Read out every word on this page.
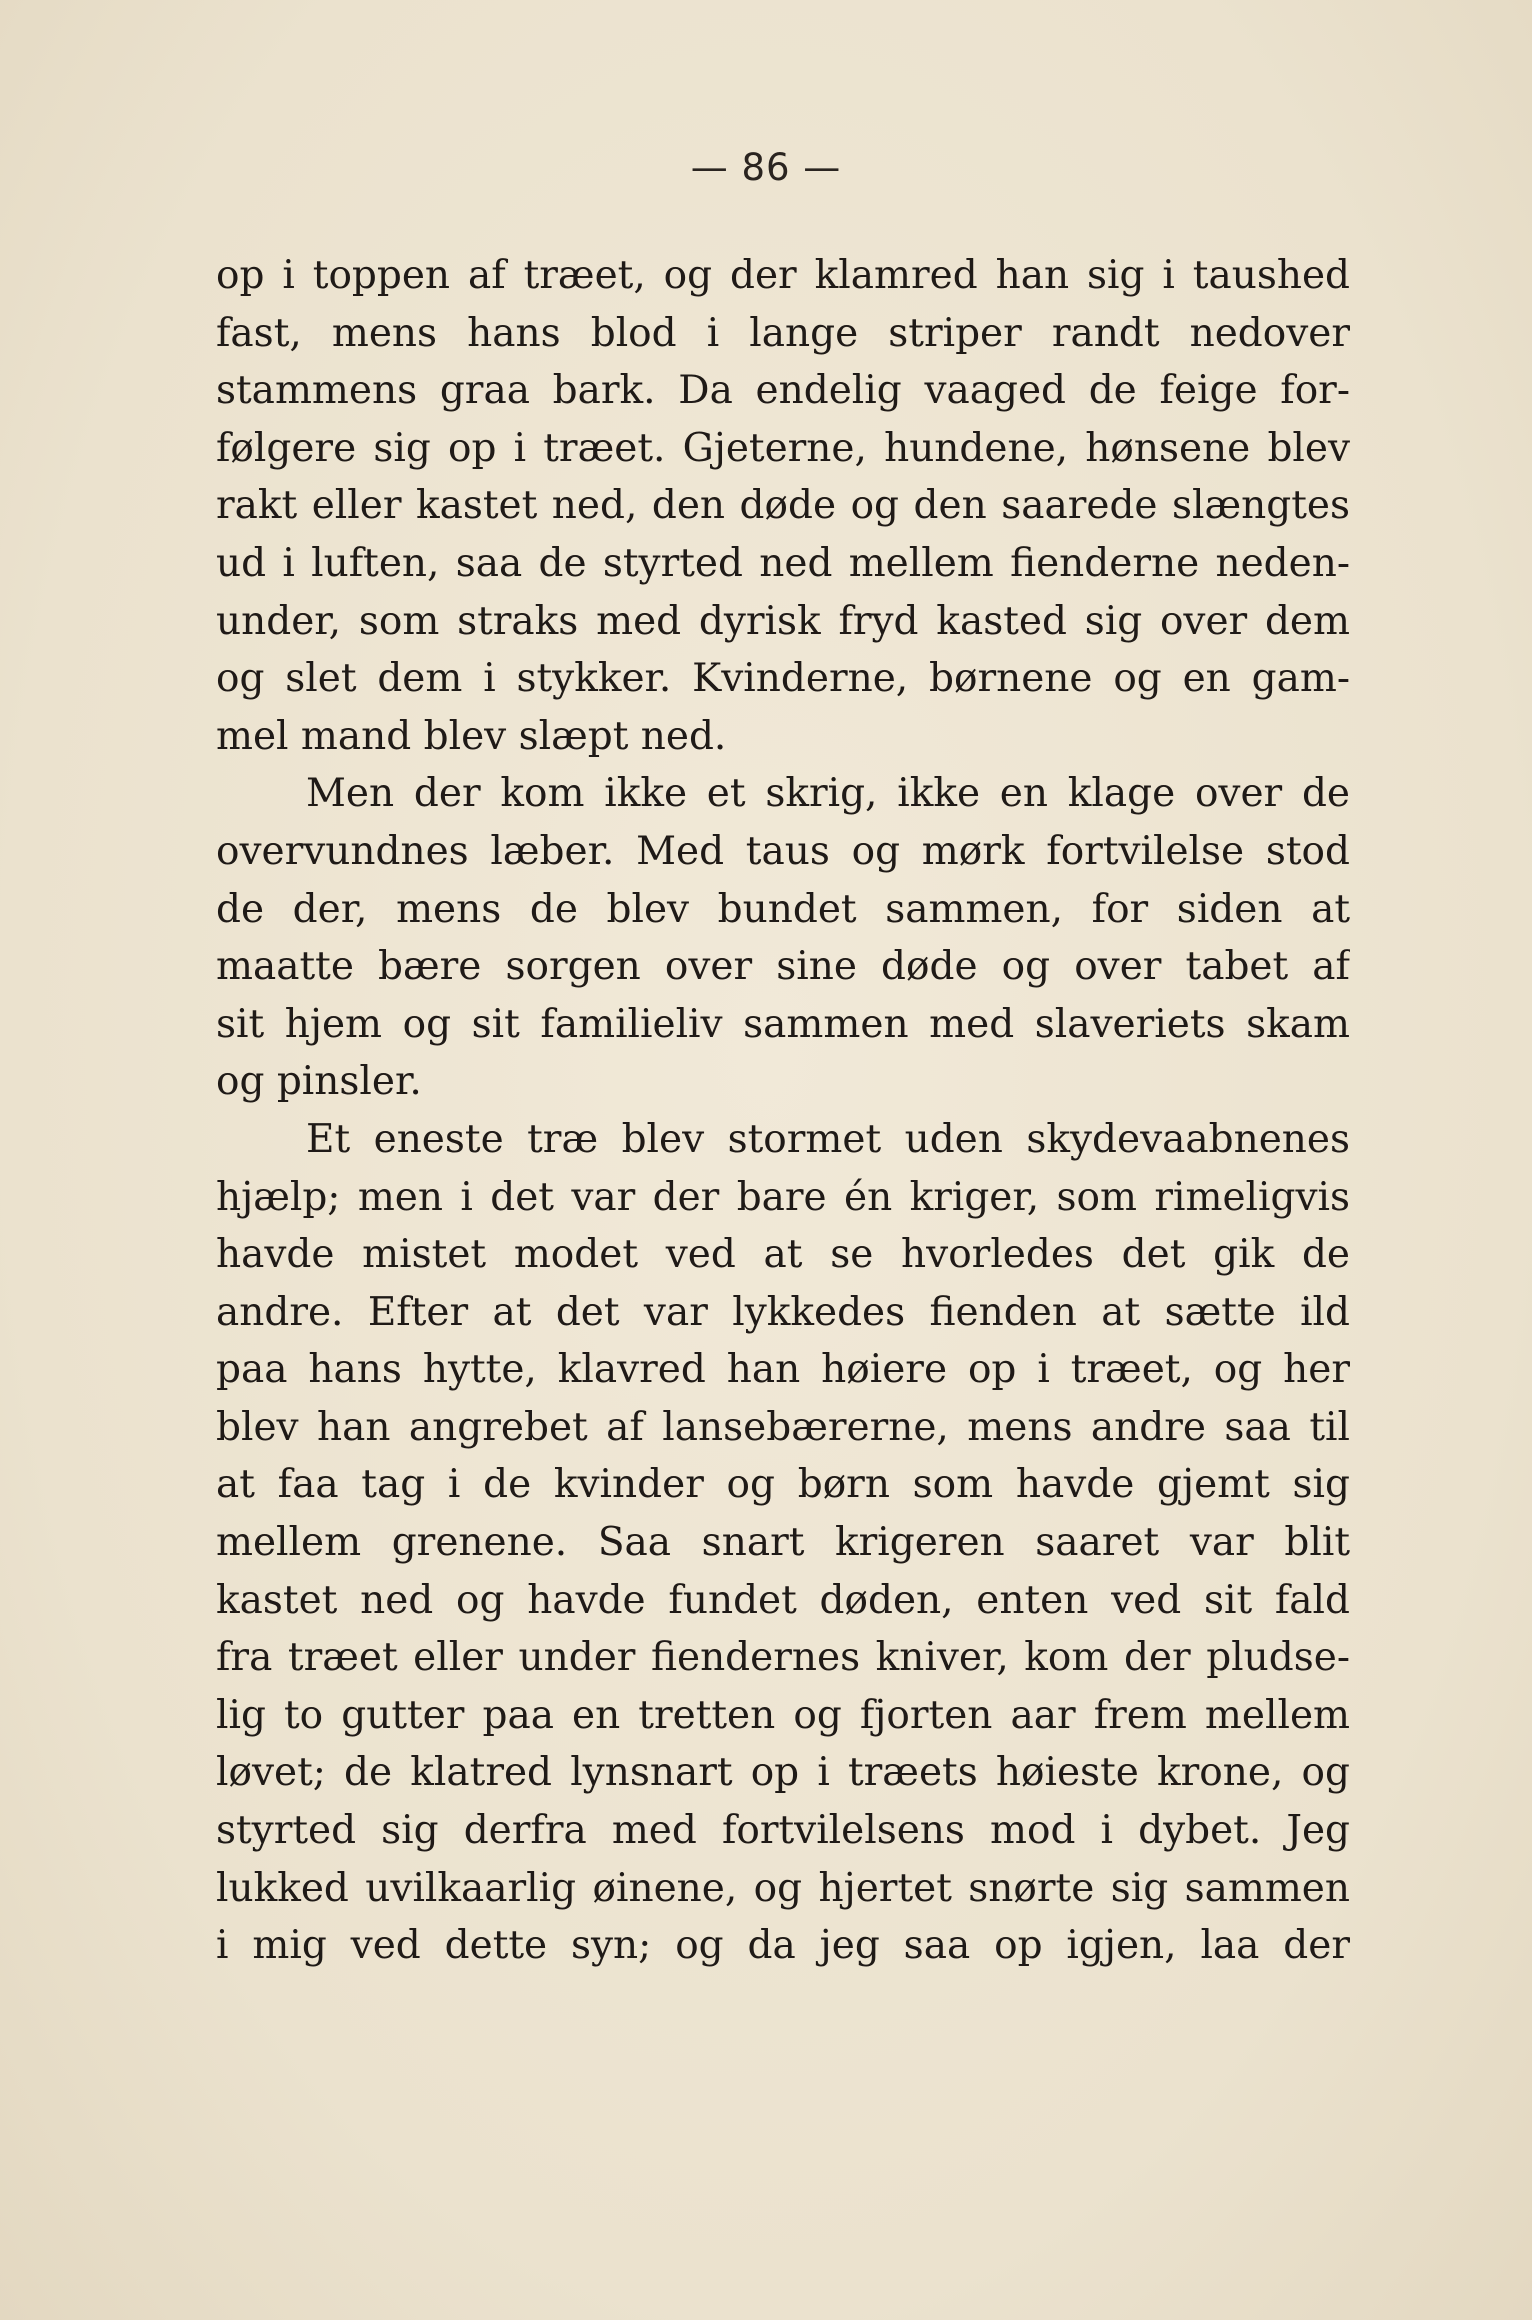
— 86 —
op i toppen af træet, og der klamred han sig i taushed
fast, mens hans blod i lange striper randt nedover
stammens graa bark. Da endelig vaaged de feige for-
følgere sig op i træet. Gjeterne, hundene, hønsene blev
rakt eller kastet ned, den døde og den saarede slængtes
ud i luften, saa de styrted ned mellem fienderne neden-
under, som straks med dyrisk fryd kasted sig over dem
og slet dem i stykker. Kvinderne, børnene og en gam-
mel mand blev slæpt ned.
Men der kom ikke et skrig, ikke en klage over de
overvundnes læber. Med taus og mørk fortvilelse stod
de der, mens de blev bundet sammen, for siden at
maatte bære sorgen over sine døde og over tabet af
sit hjem og sit familieliv sammen med slaveriets skam
og pinsler.
Et eneste træ blev stormet uden skydevaabnenes
hjælp; men i det var der bare én kriger, som rimeligvis
havde mistet modet ved at se hvorledes det gik de
andre. Efter at det var lykkedes fienden at sætte ild
paa hans hytte, klavred han høiere op i træet, og her
blev han angrebet af lansebærerne, mens andre saa til
at faa tag i de kvinder og børn som havde gjemt sig
mellem grenene. Saa snart krigeren saaret var blit
kastet ned og havde fundet døden, enten ved sit fald
fra træet eller under fiendernes kniver, kom der pludse-
lig to gutter paa en tretten og fjorten aar frem mellem
løvet; de klatred lynsnart op i træets høieste krone, og
styrted sig derfra med fortvilelsens mod i dybet. Jeg
lukked uvilkaarlig øinene, og hjertet snørte sig sammen
i mig ved dette syn; og da jeg saa op igjen, laa der
